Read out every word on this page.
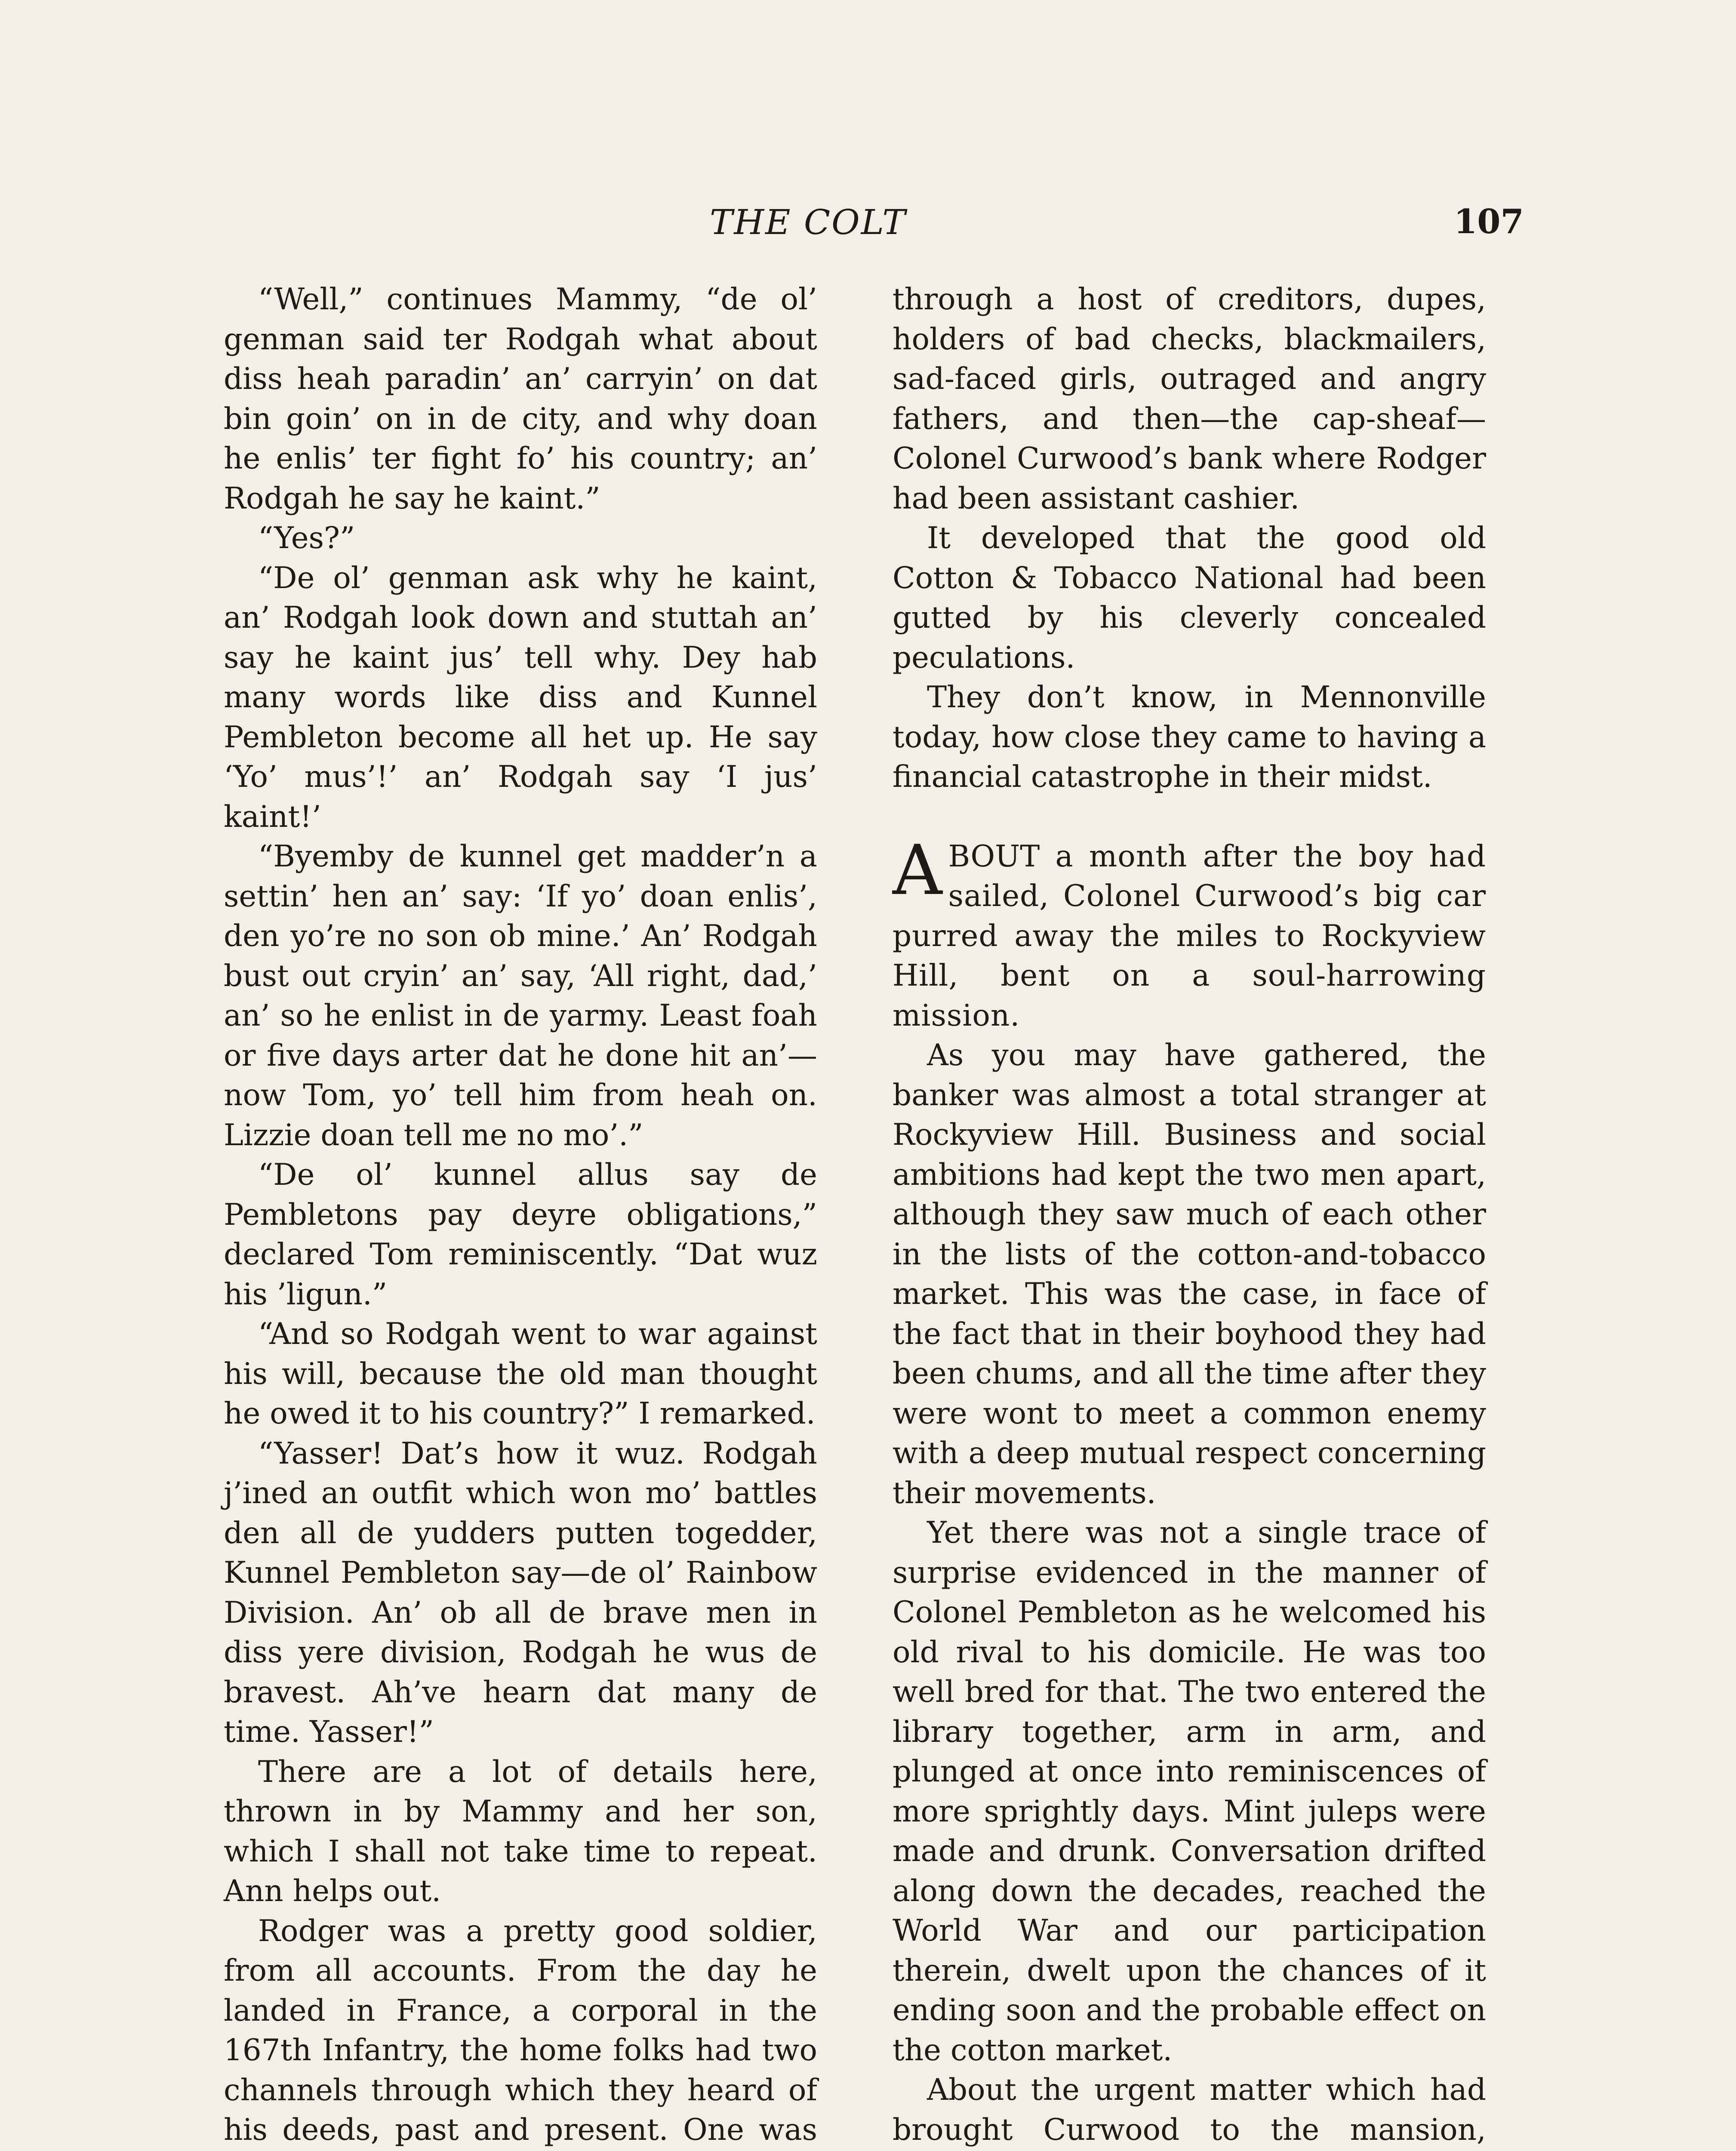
THE COLT	107

“Well,” continues Mammy, “de ol’ genman said ter Rodgah what about diss heah paradin’ an’ carryin’ on dat bin goin’ on in de city, and why doan he enlis’ ter fight fo’ his country; an’ Rodgah he say he kaint.”

“Yes?”

“De ol’ genman ask why he kaint, an’ Rodgah look down and stuttah an’ say he kaint jus’ tell why. Dey hab many words like diss and Kunnel Pembleton become all het up. He say ‘Yo’ mus’!’ an’ Rodgah say ‘I jus’ kaint!’

“Byemby de kunnel get madder’n a settin’ hen an’ say: ‘If yo’ doan enlis’, den yo’re no son ob mine.’ An’ Rodgah bust out cryin’ an’ say, ‘All right, dad,’ an’ so he enlist in de yarmy. Least foah or five days arter dat he done hit an’—now Tom, yo’ tell him from heah on. Lizzie doan tell me no mo’.”

“De ol’ kunnel allus say de Pembletons pay deyre obligations,” declared Tom reminiscently. “Dat wuz his ’ligun.”

“And so Rodgah went to war against his will, because the old man thought he owed it to his country?” I remarked.

“Yasser! Dat’s how it wuz. Rodgah j’ined an outfit which won mo’ battles den all de yudders putten togedder, Kunnel Pembleton say—de ol’ Rainbow Division. An’ ob all de brave men in diss yere division, Rodgah he wus de bravest. Ah’ve hearn dat many de time. Yasser!”

There are a lot of details here, thrown in by Mammy and her son, which I shall not take time to repeat. Ann helps out.

Rodger was a pretty good soldier, from all accounts. From the day he landed in France, a corporal in the 167th Infantry, the home folks had two channels through which they heard of his deeds, past and present. One was

through a host of creditors, dupes, holders of bad checks, blackmailers, sad-faced girls, outraged and angry fathers, and then—the cap-sheaf—Colonel Curwood’s bank where Rodger had been assistant cashier.

It developed that the good old Cotton & Tobacco National had been gutted by his cleverly concealed peculations.

They don’t know, in Mennonville today, how close they came to having a financial catastrophe in their midst.

ABOUT a month after the boy had sailed, Colonel Curwood’s big car purred away the miles to Rockyview Hill, bent on a soul-harrowing mission.

As you may have gathered, the banker was almost a total stranger at Rockyview Hill. Business and social ambitions had kept the two men apart, although they saw much of each other in the lists of the cotton-and-tobacco market. This was the case, in face of the fact that in their boyhood they had been chums, and all the time after they were wont to meet a common enemy with a deep mutual respect concerning their movements.

Yet there was not a single trace of surprise evidenced in the manner of Colonel Pembleton as he welcomed his old rival to his domicile. He was too well bred for that. The two entered the library together, arm in arm, and plunged at once into reminiscences of more sprightly days. Mint juleps were made and drunk. Conversation drifted along down the decades, reached the World War and our participation therein, dwelt upon the chances of it ending soon and the probable effect on the cotton market.

About the urgent matter which had brought Curwood to the mansion,
